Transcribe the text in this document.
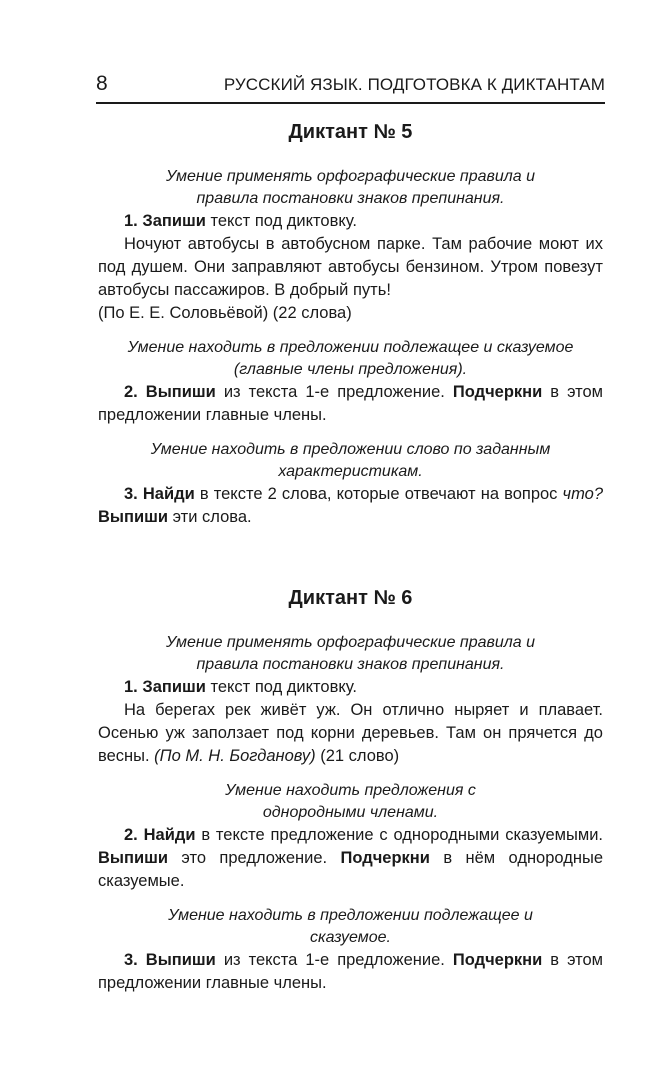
8	РУССКИЙ ЯЗЫК. ПОДГОТОВКА К ДИКТАНТАМ
Диктант № 5
Умение применять орфографические правила и правила постановки знаков препинания.

1. Запиши текст под диктовку.

Ночуют автобусы в автобусном парке. Там рабочие моют их под душем. Они заправляют автобусы бензином. Утром повезут автобусы пассажиров. В добрый путь!
(По Е. Е. Соловьёвой) (22 слова)

Умение находить в предложении подлежащее и сказуемое (главные члены предложения).

2. Выпиши из текста 1-е предложение. Подчеркни в этом предложении главные члены.

Умение находить в предложении слово по заданным характеристикам.

3. Найди в тексте 2 слова, которые отвечают на вопрос что? Выпиши эти слова.

Диктант № 6
Умение применять орфографические правила и правила постановки знаков препинания.

1. Запиши текст под диктовку.

На берегах рек живёт уж. Он отлично ныряет и плавает. Осенью уж заползает под корни деревьев. Там он прячется до весны. (По М. Н. Богданову) (21 слово)

Умение находить предложения с однородными членами.

2. Найди в тексте предложение с однородными сказуемыми. Выпиши это предложение. Подчеркни в нём однородные сказуемые.

Умение находить в предложении подлежащее и сказуемое.

3. Выпиши из текста 1-е предложение. Подчеркни в этом предложении главные члены.
